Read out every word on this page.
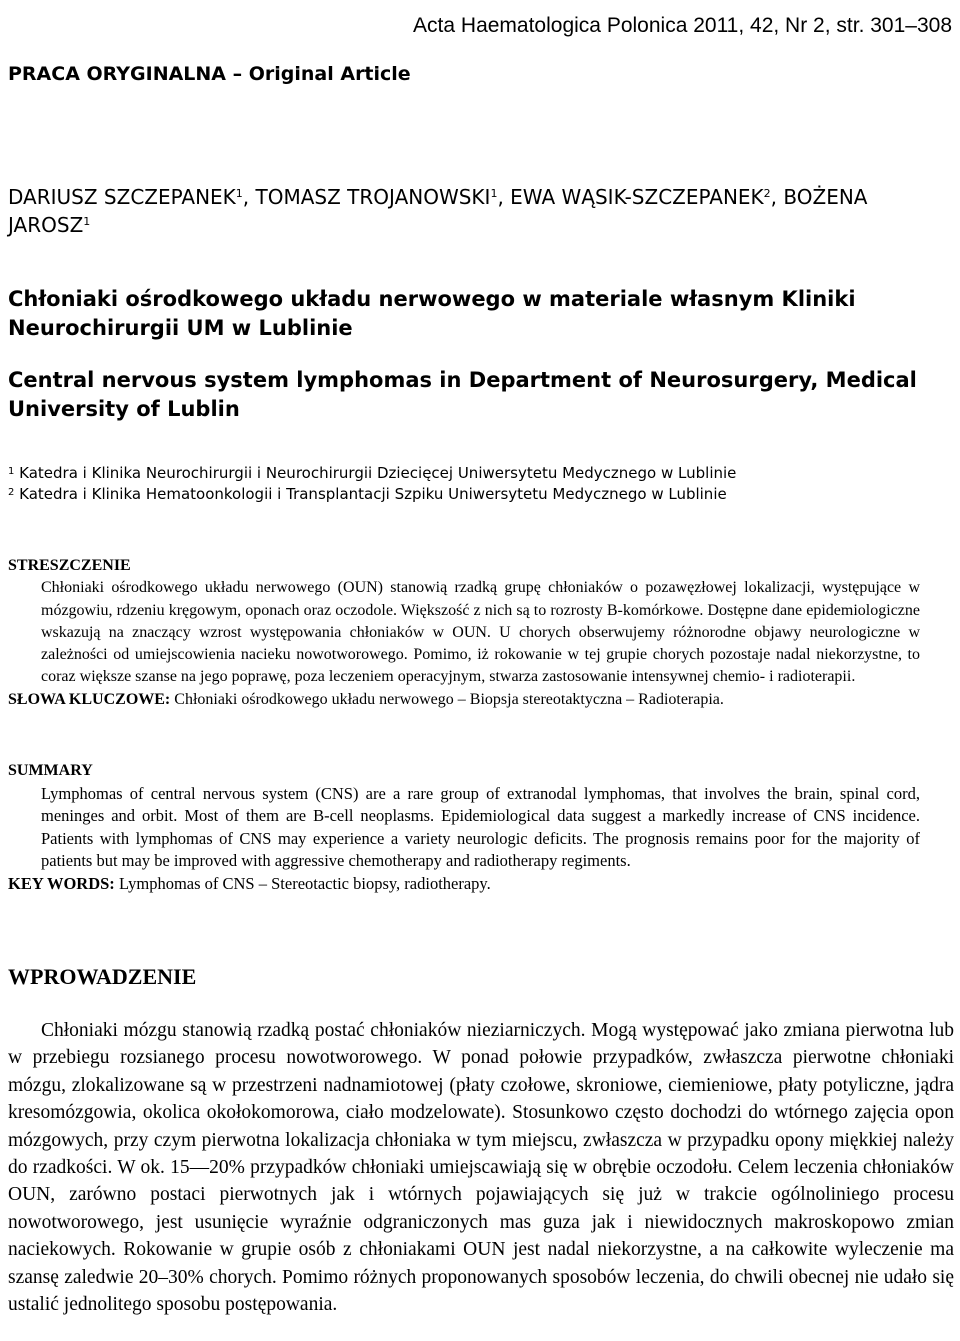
Acta Haematologica Polonica 2011, 42, Nr 2, str. 301–308
PRACA ORYGINALNA – Original Article
DARIUSZ SZCZEPANEK$^1$, TOMASZ TROJANOWSKI$^1$, EWA WĄSIK-SZCZEPANEK$^2$, BOŻENA JAROSZ$^1$
Chłoniaki ośrodkowego układu nerwowego w materiale własnym Kliniki Neurochirurgii UM w Lublinie
Central nervous system lymphomas in Department of Neurosurgery, Medical University of Lublin
$^1$ Katedra i Klinika Neurochirurgii i Neurochirurgii Dziecięcej Uniwersytetu Medycznego w Lublinie
$^2$ Katedra i Klinika Hematoonkologii i Transplantacji Szpiku Uniwersytetu Medycznego w Lublinie
STRESZCZENIE
Chłoniaki ośrodkowego układu nerwowego (OUN) stanowią rzadką grupę chłoniaków o pozawęzłowej lokalizacji, występujące w mózgowiu, rdzeniu kręgowym, oponach oraz oczodole. Większość z nich są to rozrosty B-komórkowe. Dostępne dane epidemiologiczne wskazują na znaczący wzrost występowania chłoniaków w OUN. U chorych obserwujemy różnorodne objawy neurologiczne w zależności od umiejscowienia nacieku nowotworowego. Pomimo, iż rokowanie w tej grupie chorych pozostaje nadal niekorzystne, to coraz większe szanse na jego poprawę, poza leczeniem operacyjnym, stwarza zastosowanie intensywnej chemio- i radioterapii.
SŁOWA KLUCZOWE: Chłoniaki ośrodkowego układu nerwowego – Biopsja stereotaktyczna – Radioterapia.
SUMMARY
Lymphomas of central nervous system (CNS) are a rare group of extranodal lymphomas, that involves the brain, spinal cord, meninges and orbit. Most of them are B-cell neoplasms. Epidemiological data suggest a markedly increase of CNS incidence. Patients with lymphomas of CNS may experience a variety neurologic deficits. The prognosis remains poor for the majority of patients but may be improved with aggressive chemotherapy and radiotherapy regiments.
KEY WORDS: Lymphomas of CNS – Stereotactic biopsy, radiotherapy.
WPROWADZENIE

Chłoniaki mózgu stanowią rzadką postać chłoniaków nieziarniczych. Mogą występować jako zmiana pierwotna lub w przebiegu rozsianego procesu nowotworowego. W ponad połowie przypadków, zwłaszcza pierwotne chłoniaki mózgu, zlokalizowane są w przestrzeni nadnamiotowej (płaty czołowe, skroniowe, ciemieniowe, płaty potyliczne, jądra kresomózgowia, okolica okołokomorowa, ciało modzelowate). Stosunkowo często dochodzi do wtórnego zajęcia opon mózgowych, przy czym pierwotna lokalizacja chłoniaka w tym miejscu, zwłaszcza w przypadku opony miękkiej należy do rzadkości. W ok. 15—20% przypadków chłoniaki umiejscawiają się w obrębie oczodołu. Celem leczenia chłoniaków OUN, zarówno postaci pierwotnych jak i wtórnych pojawiających się już w trakcie ogólnoliniego procesu nowotworowego, jest usunięcie wyraźnie odgraniczonych mas guza jak i niewidocznych makroskopowo zmian naciekowych. Rokowanie w grupie osób z chłoniakami OUN jest nadal niekorzystne, a na całkowite wyleczenie ma szansę zaledwie 20–30% chorych. Pomimo różnych proponowanych sposobów leczenia, do chwili obecnej nie udało się ustalić jednolitego sposobu postępowania.
